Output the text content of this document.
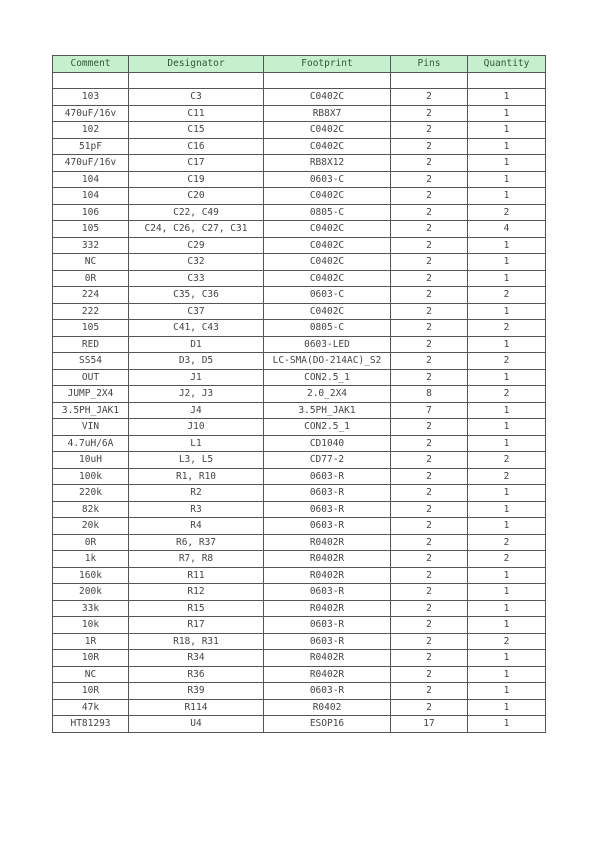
Comment	Designator	Footprint	Pins	Quantity

103	C3	C0402C	2	1
470uF/16v	C11	RB8X7	2	1
102	C15	C0402C	2	1
51pF	C16	C0402C	2	1
470uF/16v	C17	RB8X12	2	1
104	C19	0603-C	2	1
104	C20	C0402C	2	1
106	C22, C49	0805-C	2	2
105	C24, C26, C27, C31	C0402C	2	4
332	C29	C0402C	2	1
NC	C32	C0402C	2	1
0R	C33	C0402C	2	1
224	C35, C36	0603-C	2	2
222	C37	C0402C	2	1
105	C41, C43	0805-C	2	2
RED	D1	0603-LED	2	1
SS54	D3, D5	LC-SMA(DO-214AC)_S2	2	2
OUT	J1	CON2.5_1	2	1
JUMP_2X4	J2, J3	2.0_2X4	8	2
3.5PH_JAK1	J4	3.5PH_JAK1	7	1
VIN	J10	CON2.5_1	2	1
4.7uH/6A	L1	CD1040	2	1
10uH	L3, L5	CD77-2	2	2
100k	R1, R10	0603-R	2	2
220k	R2	0603-R	2	1
82k	R3	0603-R	2	1
20k	R4	0603-R	2	1
0R	R6, R37	R0402R	2	2
1k	R7, R8	R0402R	2	2
160k	R11	R0402R	2	1
200k	R12	0603-R	2	1
33k	R15	R0402R	2	1
10k	R17	0603-R	2	1
1R	R18, R31	0603-R	2	2
10R	R34	R0402R	2	1
NC	R36	R0402R	2	1
10R	R39	0603-R	2	1
47k	R114	R0402	2	1
HT81293	U4	ESOP16	17	1
